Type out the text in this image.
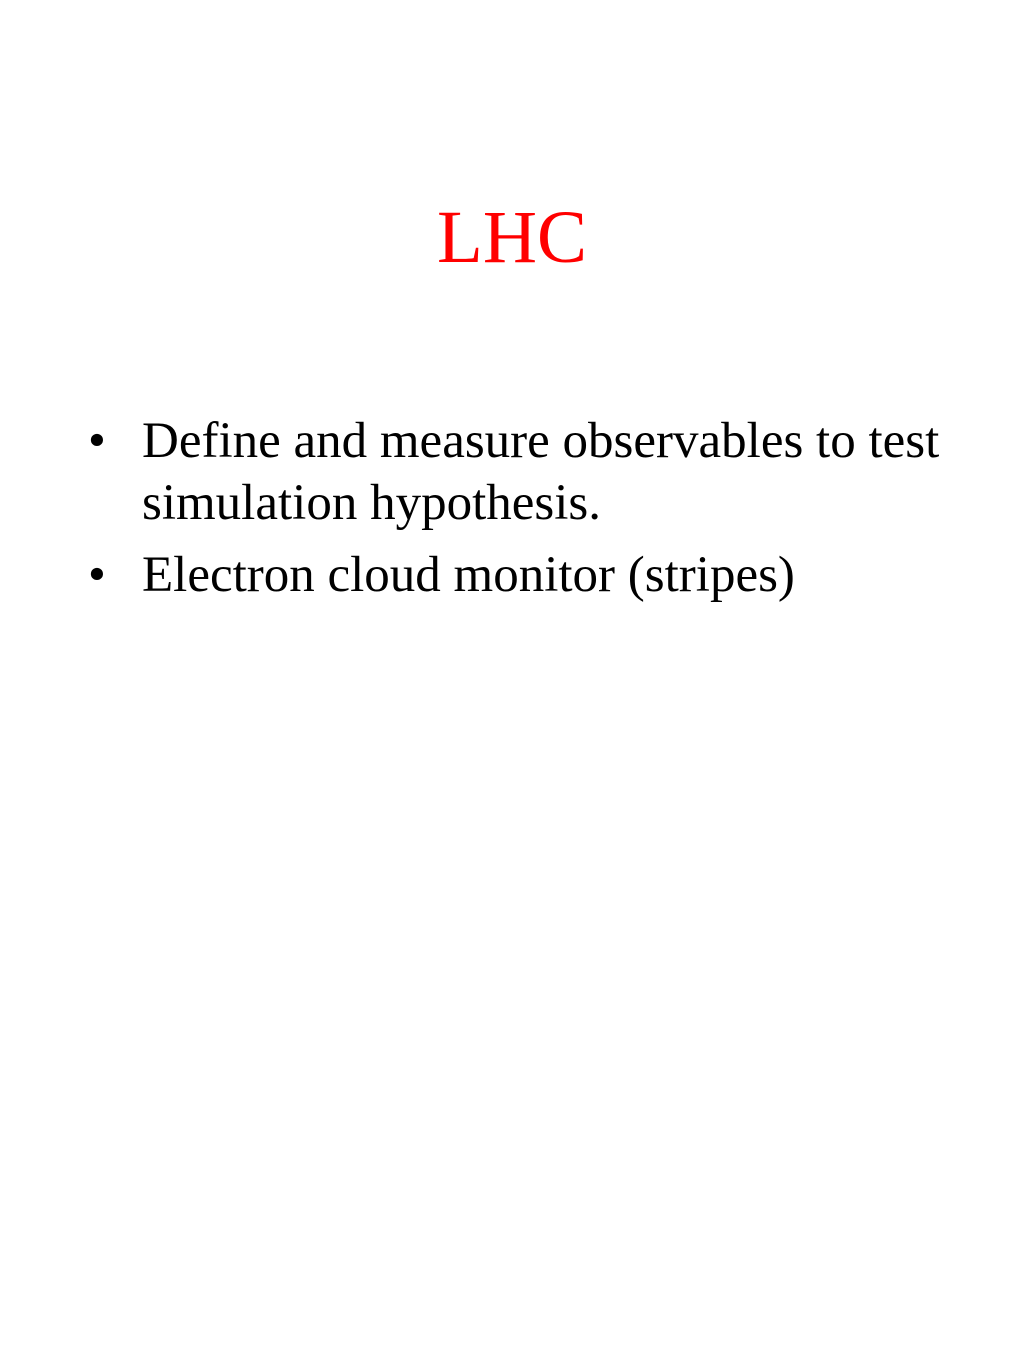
LHC
• Define and measure observables to test simulation hypothesis.
• Electron cloud monitor (stripes)
